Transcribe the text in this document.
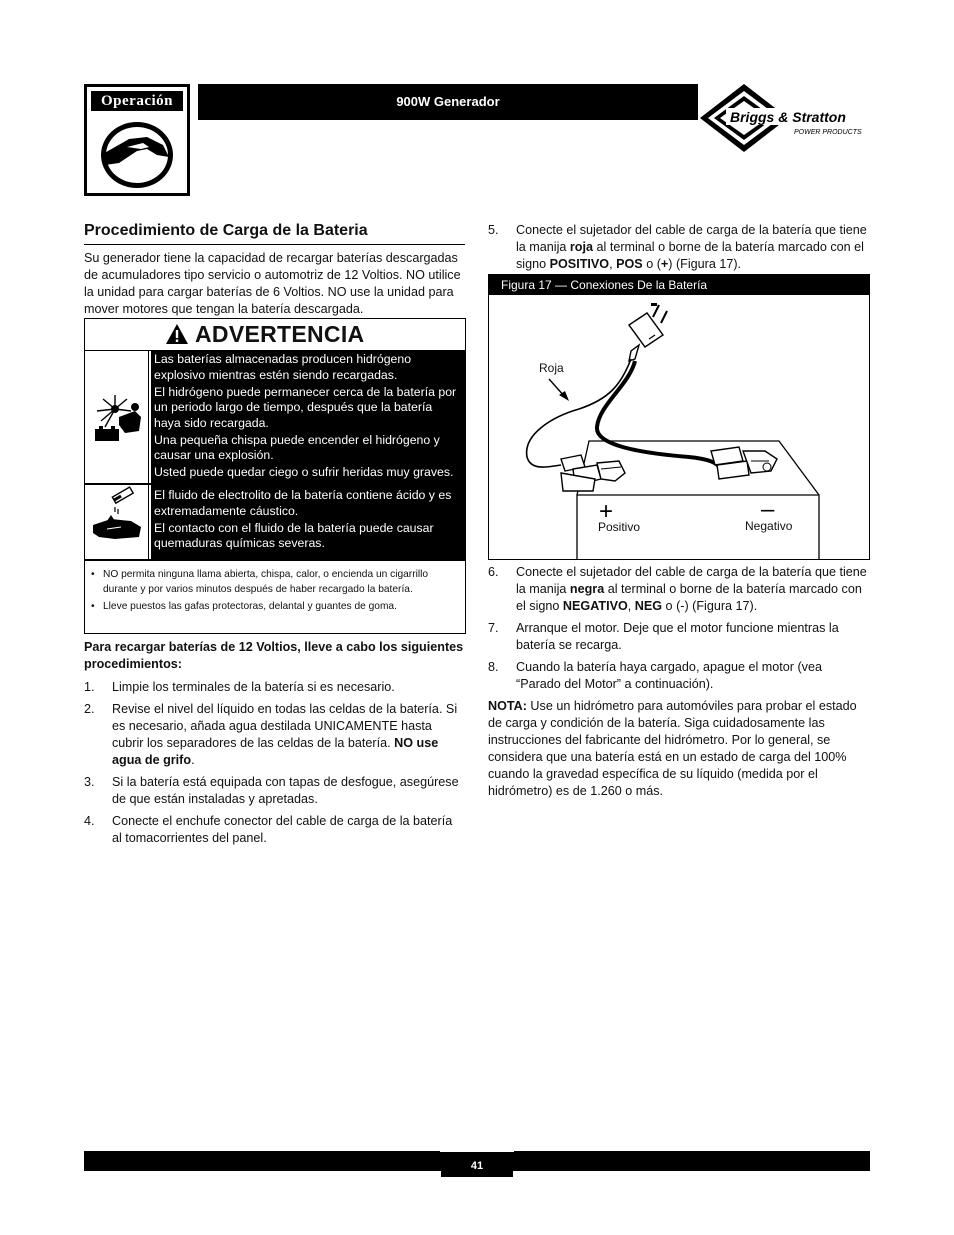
Operación	900W Generador
Briggs & Stratton
POWER PRODUCTS
Procedimiento de Carga de la Bateria

Su generador tiene la capacidad de recargar baterías descargadas de acumuladores tipo servicio o automotriz de 12 Voltios. NO utilice la unidad para cargar baterías de 6 Voltios. NO use la unidad para mover motores que tengan la batería descargada.

ADVERTENCIA

Las baterías almacenadas producen hidrógeno explosivo mientras estén siendo recargadas.

El hidrógeno puede permanecer cerca de la batería por un periodo largo de tiempo, después que la batería haya sido recargada.

Una pequeña chispa puede encender el hidrógeno y causar una explosión.

Usted puede quedar ciego o sufrir heridas muy graves.

El fluido de electrolito de la batería contiene ácido y es extremadamente cáustico.

El contacto con el fluido de la batería puede causar quemaduras químicas severas.

• NO permita ninguna llama abierta, chispa, calor, o encienda un cigarrillo durante y por varios minutos después de haber recargado la batería.
• Lleve puestos las gafas protectoras, delantal y guantes de goma.

Para recargar baterías de 12 Voltios, lleve a cabo los siguientes procedimientos:

1. Limpie los terminales de la batería si es necesario.
2. Revise el nivel del líquido en todas las celdas de la batería. Si es necesario, añada agua destilada UNICAMENTE hasta cubrir los separadores de las celdas de la batería. NO use agua de grifo.
3. Si la batería está equipada con tapas de desfogue, asegúrese de que están instaladas y apretadas.
4. Conecte el enchufe conector del cable de carga de la batería al tomacorrientes del panel.
5. Conecte el sujetador del cable de carga de la batería que tiene la manija roja al terminal o borne de la batería marcado con el signo POSITIVO, POS o (+) (Figura 17).
Figura 17 — Conexiones De la Batería
+	–
Roja
Positivo	Negativo
6. Conecte el sujetador del cable de carga de la batería que tiene la manija negra al terminal o borne de la batería marcado con el signo NEGATIVO, NEG o (-) (Figura 17).
7. Arranque el motor. Deje que el motor funcione mientras la batería se recarga.
8. Cuando la batería haya cargado, apague el motor (vea “Parado del Motor” a continuación).

NOTA: Use un hidrómetro para automóviles para probar el estado de carga y condición de la batería. Siga cuidadosamente las instrucciones del fabricante del hidrómetro. Por lo general, se considera que una batería está en un estado de carga del 100% cuando la gravedad específica de su líquido (medida por el hidrómetro) es de 1.260 o más.

41
